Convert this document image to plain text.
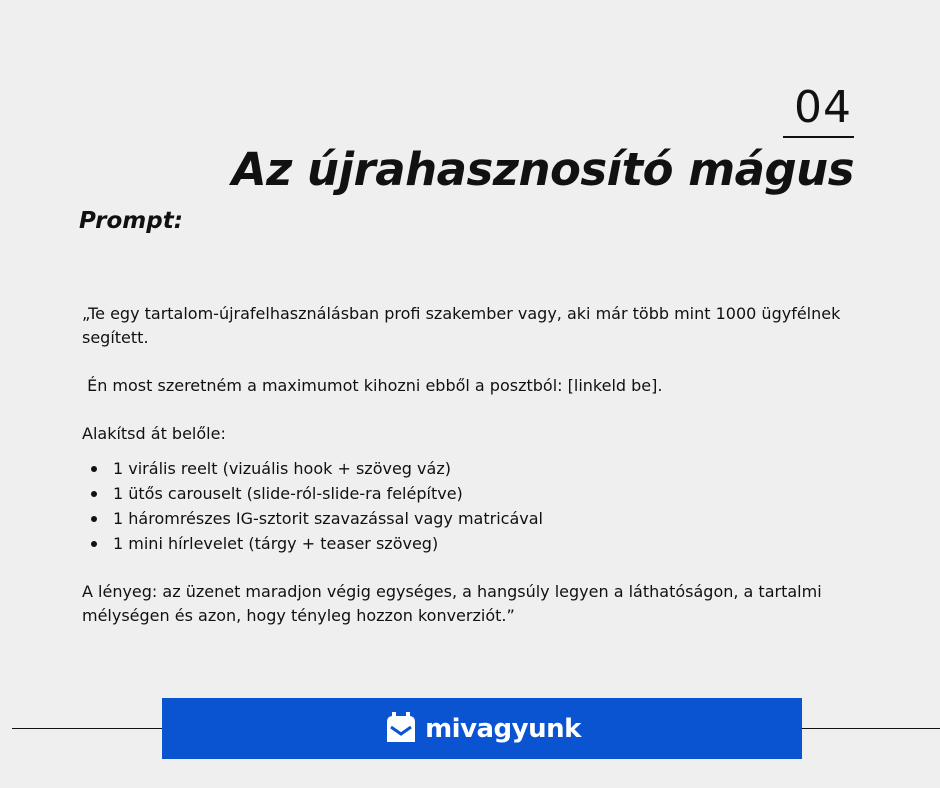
04
Az újrahasznosító mágus
Prompt:

„Te egy tartalom-újrafelhasználásban profi szakember vagy, aki már több mint 1000 ügyfélnek segített.

Én most szeretném a maximumot kihozni ebből a posztból: [linkeld be].

Alakítsd át belőle:

1 virális reelt (vizuális hook + szöveg váz)
1 ütős carouselt (slide-ról-slide-ra felépítve)
1 háromrészes IG-sztorit szavazással vagy matricával
1 mini hírlevelet (tárgy + teaser szöveg)

A lényeg: az üzenet maradjon végig egységes, a hangsúly legyen a láthatóságon, a tartalmi mélységen és azon, hogy tényleg hozzon konverziót.”

mivagyunk
